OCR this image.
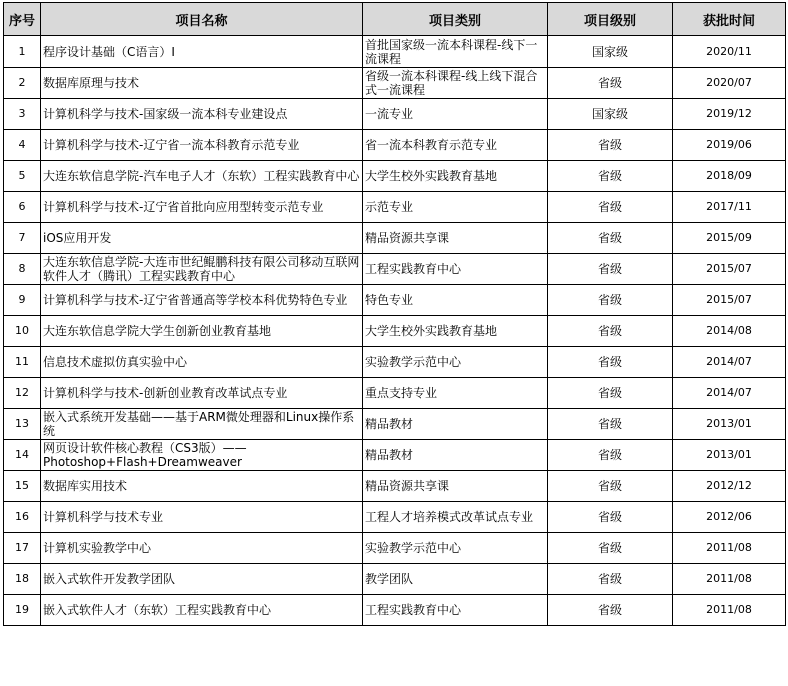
序号	项目名称	项目类别	项目级别	获批时间
1	程序设计基础（C语言）I	首批国家级一流本科课程-线下一流课程	国家级	2020/11
2	数据库原理与技术	省级一流本科课程-线上线下混合式一流课程	省级	2020/07
3	计算机科学与技术-国家级一流本科专业建设点	一流专业	国家级	2019/12
4	计算机科学与技术-辽宁省一流本科教育示范专业	省一流本科教育示范专业	省级	2019/06
5	大连东软信息学院-汽车电子人才（东软）工程实践教育中心	大学生校外实践教育基地	省级	2018/09
6	计算机科学与技术-辽宁省首批向应用型转变示范专业	示范专业	省级	2017/11
7	iOS应用开发	精品资源共享课	省级	2015/09
8	大连东软信息学院-大连市世纪鲲鹏科技有限公司移动互联网软件人才（腾讯）工程实践教育中心	工程实践教育中心	省级	2015/07
9	计算机科学与技术-辽宁省普通高等学校本科优势特色专业	特色专业	省级	2015/07
10	大连东软信息学院大学生创新创业教育基地	大学生校外实践教育基地	省级	2014/08
11	信息技术虚拟仿真实验中心	实验教学示范中心	省级	2014/07
12	计算机科学与技术-创新创业教育改革试点专业	重点支持专业	省级	2014/07
13	嵌入式系统开发基础——基于ARM微处理器和Linux操作系统	精品教材	省级	2013/01
14	网页设计软件核心教程（CS3版）——Photoshop+Flash+Dreamweaver	精品教材	省级	2013/01
15	数据库实用技术	精品资源共享课	省级	2012/12
16	计算机科学与技术专业	工程人才培养模式改革试点专业	省级	2012/06
17	计算机实验教学中心	实验教学示范中心	省级	2011/08
18	嵌入式软件开发教学团队	教学团队	省级	2011/08
19	嵌入式软件人才（东软）工程实践教育中心	工程实践教育中心	省级	2011/08
